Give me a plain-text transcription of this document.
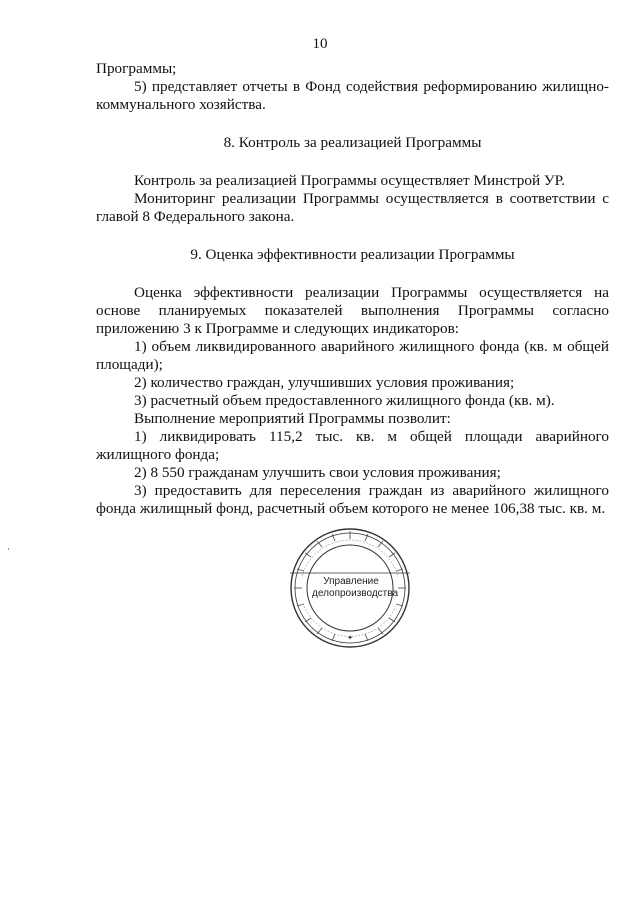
10

Программы;

5) представляет отчеты в Фонд содействия реформированию жилищно-коммунального хозяйства.

8. Контроль за реализацией Программы

Контроль за реализацией Программы осуществляет Минстрой УР.

Мониторинг реализации Программы осуществляется в соответствии с главой 8 Федерального закона.

9. Оценка эффективности реализации Программы

Оценка эффективности реализации Программы осуществляется на основе планируемых показателей выполнения Программы согласно приложению 3 к Программе и следующих индикаторов:

1) объем ликвидированного аварийного жилищного фонда (кв. м общей площади);

2) количество граждан, улучшивших условия проживания;

3) расчетный объем предоставленного жилищного фонда (кв. м).

Выполнение мероприятий Программы позволит:

1) ликвидировать 115,2 тыс. кв. м общей площади аварийного жилищного фонда;

2) 8 550 гражданам улучшить свои условия проживания;

3) предоставить для переселения граждан из аварийного жилищного фонда жилищный фонд, расчетный объем которого не менее 106,38 тыс. кв. м.

✦
Управление
делопроизводства
